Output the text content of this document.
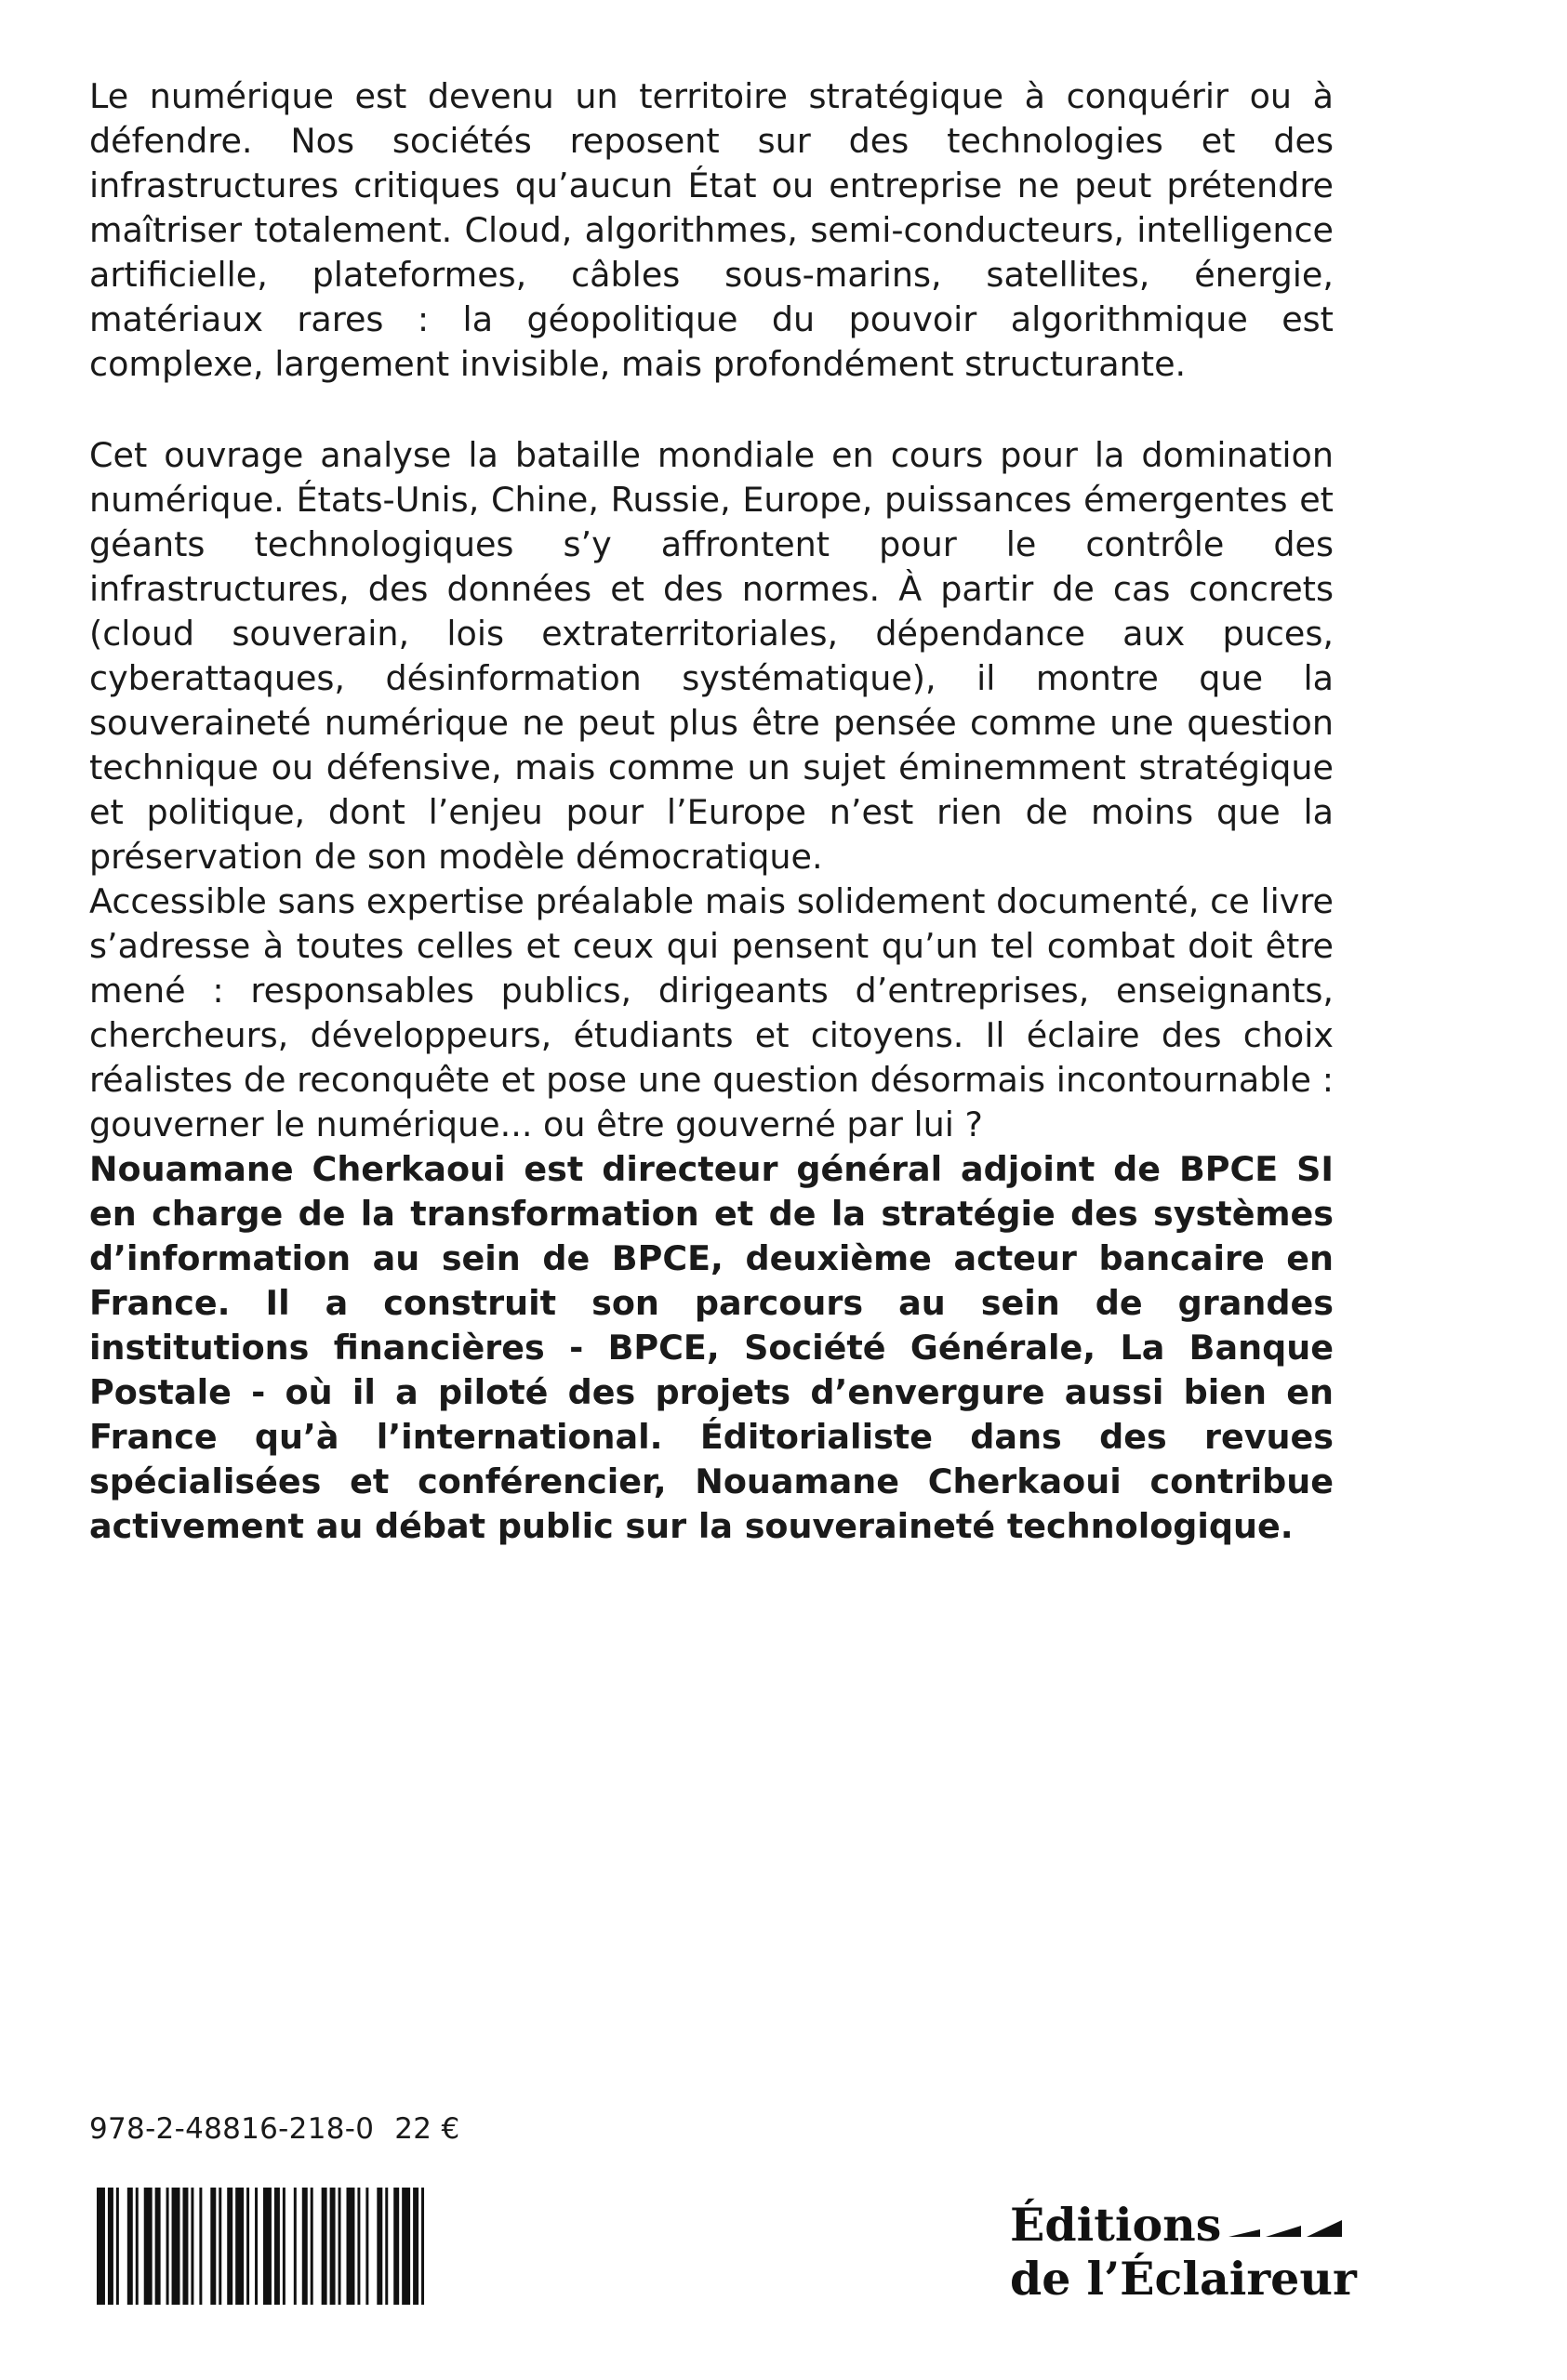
Le numérique est devenu un territoire stratégique à conquérir ou à défendre. Nos sociétés reposent sur des technologies et des infrastructures critiques qu’aucun État ou entreprise ne peut prétendre maîtriser totalement. Cloud, algorithmes, semi-conducteurs, intelligence artificielle, plateformes, câbles sous-marins, satellites, énergie, matériaux rares : la géopolitique du pouvoir algorithmique est complexe, largement invisible, mais profondément structurante.

Cet ouvrage analyse la bataille mondiale en cours pour la domination numérique. États-Unis, Chine, Russie, Europe, puissances émergentes et géants technologiques s’y affrontent pour le contrôle des infrastructures, des données et des normes. À partir de cas concrets (cloud souverain, lois extraterritoriales, dépendance aux puces, cyberattaques, désinformation systématique), il montre que la souveraineté numérique ne peut plus être pensée comme une question technique ou défensive, mais comme un sujet éminemment stratégique et politique, dont l’enjeu pour l’Europe n’est rien de moins que la préservation de son modèle démocratique.

Accessible sans expertise préalable mais solidement documenté, ce livre s’adresse à toutes celles et ceux qui pensent qu’un tel combat doit être mené : responsables publics, dirigeants d’entreprises, enseignants, chercheurs, développeurs, étudiants et citoyens. Il éclaire des choix réalistes de reconquête et pose une question désormais incontournable : gouverner le numérique... ou être gouverné par lui ?

Nouamane Cherkaoui est directeur général adjoint de BPCE SI en charge de la transformation et de la stratégie des systèmes d’information au sein de BPCE, deuxième acteur bancaire en France. Il a construit son parcours au sein de grandes institutions financières - BPCE, Société Générale, La Banque Postale - où il a piloté des projets d’envergure aussi bien en France qu’à l’international. Éditorialiste dans des revues spécialisées et conférencier, Nouamane Cherkaoui contribue activement au débat public sur la souveraineté technologique.

978-2-48816-218-0 22 €
Éditions
de l’Éclaireur
